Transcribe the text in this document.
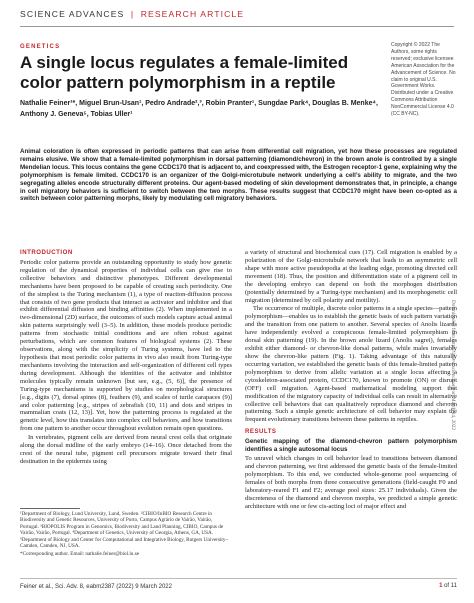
SCIENCE ADVANCES | RESEARCH ARTICLE
GENETICS
A single locus regulates a female-limited color pattern polymorphism in a reptile
Nathalie Feiner¹*, Miguel Brun-Usan¹, Pedro Andrade²,³, Robin Pranter¹, Sungdae Park⁴, Douglas B. Menke⁴, Anthony J. Geneva⁵, Tobias Uller¹
Copyright © 2022 The Authors, some rights reserved; exclusive licensee American Association for the Advancement of Science. No claim to original U.S. Government Works. Distributed under a Creative Commons Attribution NonCommercial License 4.0 (CC BY-NC).
Animal coloration is often expressed in periodic patterns that can arise from differential cell migration, yet how these processes are regulated remains elusive. We show that a female-limited polymorphism in dorsal patterning (diamond/chevron) in the brown anole is controlled by a single Mendelian locus. This locus contains the gene CCDC170 that is adjacent to, and coexpressed with, the Estrogen receptor-1 gene, explaining why the polymorphism is female limited. CCDC170 is an organizer of the Golgi-microtubule network underlying a cell’s ability to migrate, and the two segregating alleles encode structurally different proteins. Our agent-based modeling of skin development demonstrates that, in principle, a change in cell migratory behaviors is sufficient to switch between the two morphs. These results suggest that CCDC170 might have been co-opted as a switch between color patterning morphs, likely by modulating cell migratory behaviors.
INTRODUCTION

Periodic color patterns provide an outstanding opportunity to study how genetic regulation of the dynamical properties of individual cells can give rise to collective behaviors and distinctive phenotypes. Different developmental mechanisms have been proposed to be capable of creating such periodicity. One of the simplest is the Turing mechanism (1), a type of reaction-diffusion process that consists of two gene products that interact as activator and inhibitor and that exhibit differential diffusion and binding affinities (2). When implemented in a two-dimensional (2D) surface, the outcomes of such models capture actual animal skin patterns surprisingly well (3–5). In addition, these models produce periodic patterns from stochastic initial conditions and are often robust against perturbations, which are common features of biological systems (2). These observations, along with the simplicity of Turing systems, have led to the hypothesis that most periodic color patterns in vivo also result from Turing-type mechanisms involving the interaction and self-organization of different cell types during development. Although the identities of the activator and inhibitor molecules typically remain unknown [but see, e.g., (5, 6)], the presence of Turing-type mechanisms is supported by studies on morphological structures [e.g., digits (7), dorsal spines (8), feathers (9), and scales of turtle carapaces (9)] and color patterning [e.g., stripes of zebrafish (10, 11) and dots and stripes in mammalian coats (12, 13)]. Yet, how the patterning process is regulated at the genetic level, how this translates into complex cell behaviors, and how transitions from one pattern to another occur throughout evolution remain open questions.

In vertebrates, pigment cells are derived from neural crest cells that originate along the dorsal midline of the early embryo (14–16). Once detached from the crest of the neural tube, pigment cell precursors migrate toward their final destination in the epidermis using

a variety of structural and biochemical cues (17). Cell migration is enabled by a polarization of the Golgi-microtubule network that leads to an asymmetric cell shape with more active pseudopodia at the leading edge, promoting directed cell movement (18). Thus, the position and differentiation state of a pigment cell in the developing embryo can depend on both the morphogen distribution (potentially determined by a Turing-type mechanism) and its morphogenetic cell migration (determined by cell polarity and motility).

The occurrence of multiple, discrete color patterns in a single species—pattern polymorphism—enables us to establish the genetic basis of such pattern variation and the transition from one pattern to another. Several species of Anolis lizards have independently evolved a conspicuous female-limited polymorphism in dorsal skin patterning (19). In the brown anole lizard (Anolis sagrei), females exhibit either diamond- or chevron-like dorsal patterns, while males invariably show the chevron-like pattern (Fig. 1). Taking advantage of this naturally occurring variation, we established the genetic basis of this female-limited pattern polymorphism to derive from allelic variation at a single locus affecting a cytoskeleton-associated protein, CCDC170, known to promote (ON) or disrupt (OFF) cell migration. Agent-based mathematical modeling support that modification of the migratory capacity of individual cells can result in alternative collective cell behaviors that can qualitatively reproduce diamond and chevron patterning. Such a simple genetic architecture of cell behavior may explain the frequent evolutionary transitions between these patterns in reptiles.

RESULTS
Genetic mapping of the diamond-chevron pattern polymorphism identifies a single autosomal locus

To unravel which changes in cell behavior lead to transitions between diamond and chevron patterning, we first addressed the genetic basis of the female-limited polymorphism. To this end, we conducted whole-genome pool sequencing of females of both morphs from three consecutive generations (field-caught F0 and laboratory-reared F1 and F2; average pool sizes: 25.17 individuals). Given the discreteness of the diamond and chevron morphs, we predicted a simple genetic architecture with one or few cis-acting loci of major effect and

¹Department of Biology, Lund University, Lund, Sweden. ²CIBIO/InBIO Research Centre in Biodiversity and Genetic Resources, University of Porto, Campus Agrário de Vairão, Vairão, Portugal. ³BIOPOLIS Program in Genomics, Biodiversity and Land Planning, CIBIO, Campus de Vairão, Vairão, Portugal. ⁴Department of Genetics, University of Georgia, Athens, GA, USA. ⁵Department of Biology and Center for Computational and Integrative Biology, Rutgers University–Camden, Camden, NJ, USA.
*Corresponding author. Email: nathalie.feiner@biol.lu.se
Downloaded from https://www.science.org on March 14, 2022
Feiner et al., Sci. Adv. 8, eabm2387 (2022) 9 March 2022	1 of 11
